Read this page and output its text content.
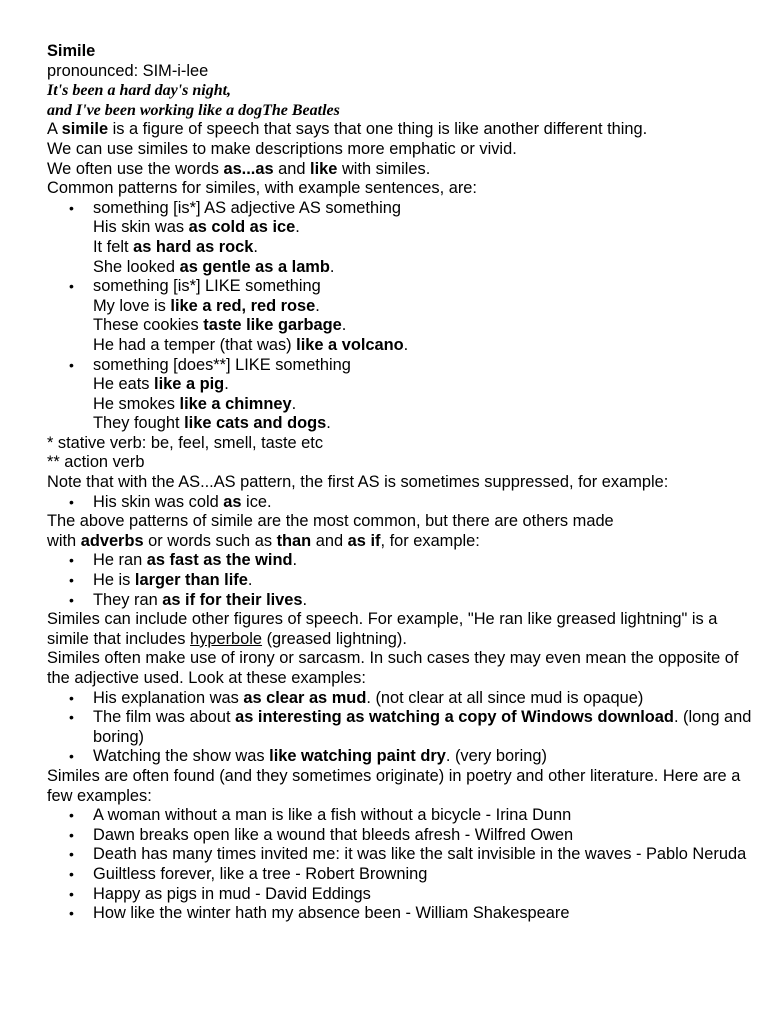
Simile

pronounced: SIM-i-lee

It's been a hard day's night,

and I've been working like a dogThe Beatles

A simile is a figure of speech that says that one thing is like another different thing.

We can use similes to make descriptions more emphatic or vivid.

We often use the words as...as and like with similes.

Common patterns for similes, with example sentences, are:

• something [is*] AS adjective AS something
His skin was as cold as ice.
It felt as hard as rock.
She looked as gentle as a lamb.
• something [is*] LIKE something
My love is like a red, red rose.
These cookies taste like garbage.
He had a temper (that was) like a volcano.
• something [does**] LIKE something
He eats like a pig.
He smokes like a chimney.
They fought like cats and dogs.

* stative verb: be, feel, smell, taste etc

** action verb

Note that with the AS...AS pattern, the first AS is sometimes suppressed, for example:

• His skin was cold as ice.

The above patterns of simile are the most common, but there are others made
with adverbs or words such as than and as if, for example:

• He ran as fast as the wind.
• He is larger than life.
• They ran as if for their lives.

Similes can include other figures of speech. For example, "He ran like greased lightning" is a simile that includes hyperbole (greased lightning).

Similes often make use of irony or sarcasm. In such cases they may even mean the opposite of the adjective used. Look at these examples:

• His explanation was as clear as mud. (not clear at all since mud is opaque)
• The film was about as interesting as watching a copy of Windows download. (long and boring)
• Watching the show was like watching paint dry. (very boring)

Similes are often found (and they sometimes originate) in poetry and other literature. Here are a few examples:

• A woman without a man is like a fish without a bicycle - Irina Dunn
• Dawn breaks open like a wound that bleeds afresh - Wilfred Owen
• Death has many times invited me: it was like the salt invisible in the waves - Pablo Neruda
• Guiltless forever, like a tree - Robert Browning
• Happy as pigs in mud - David Eddings
• How like the winter hath my absence been - William Shakespeare
